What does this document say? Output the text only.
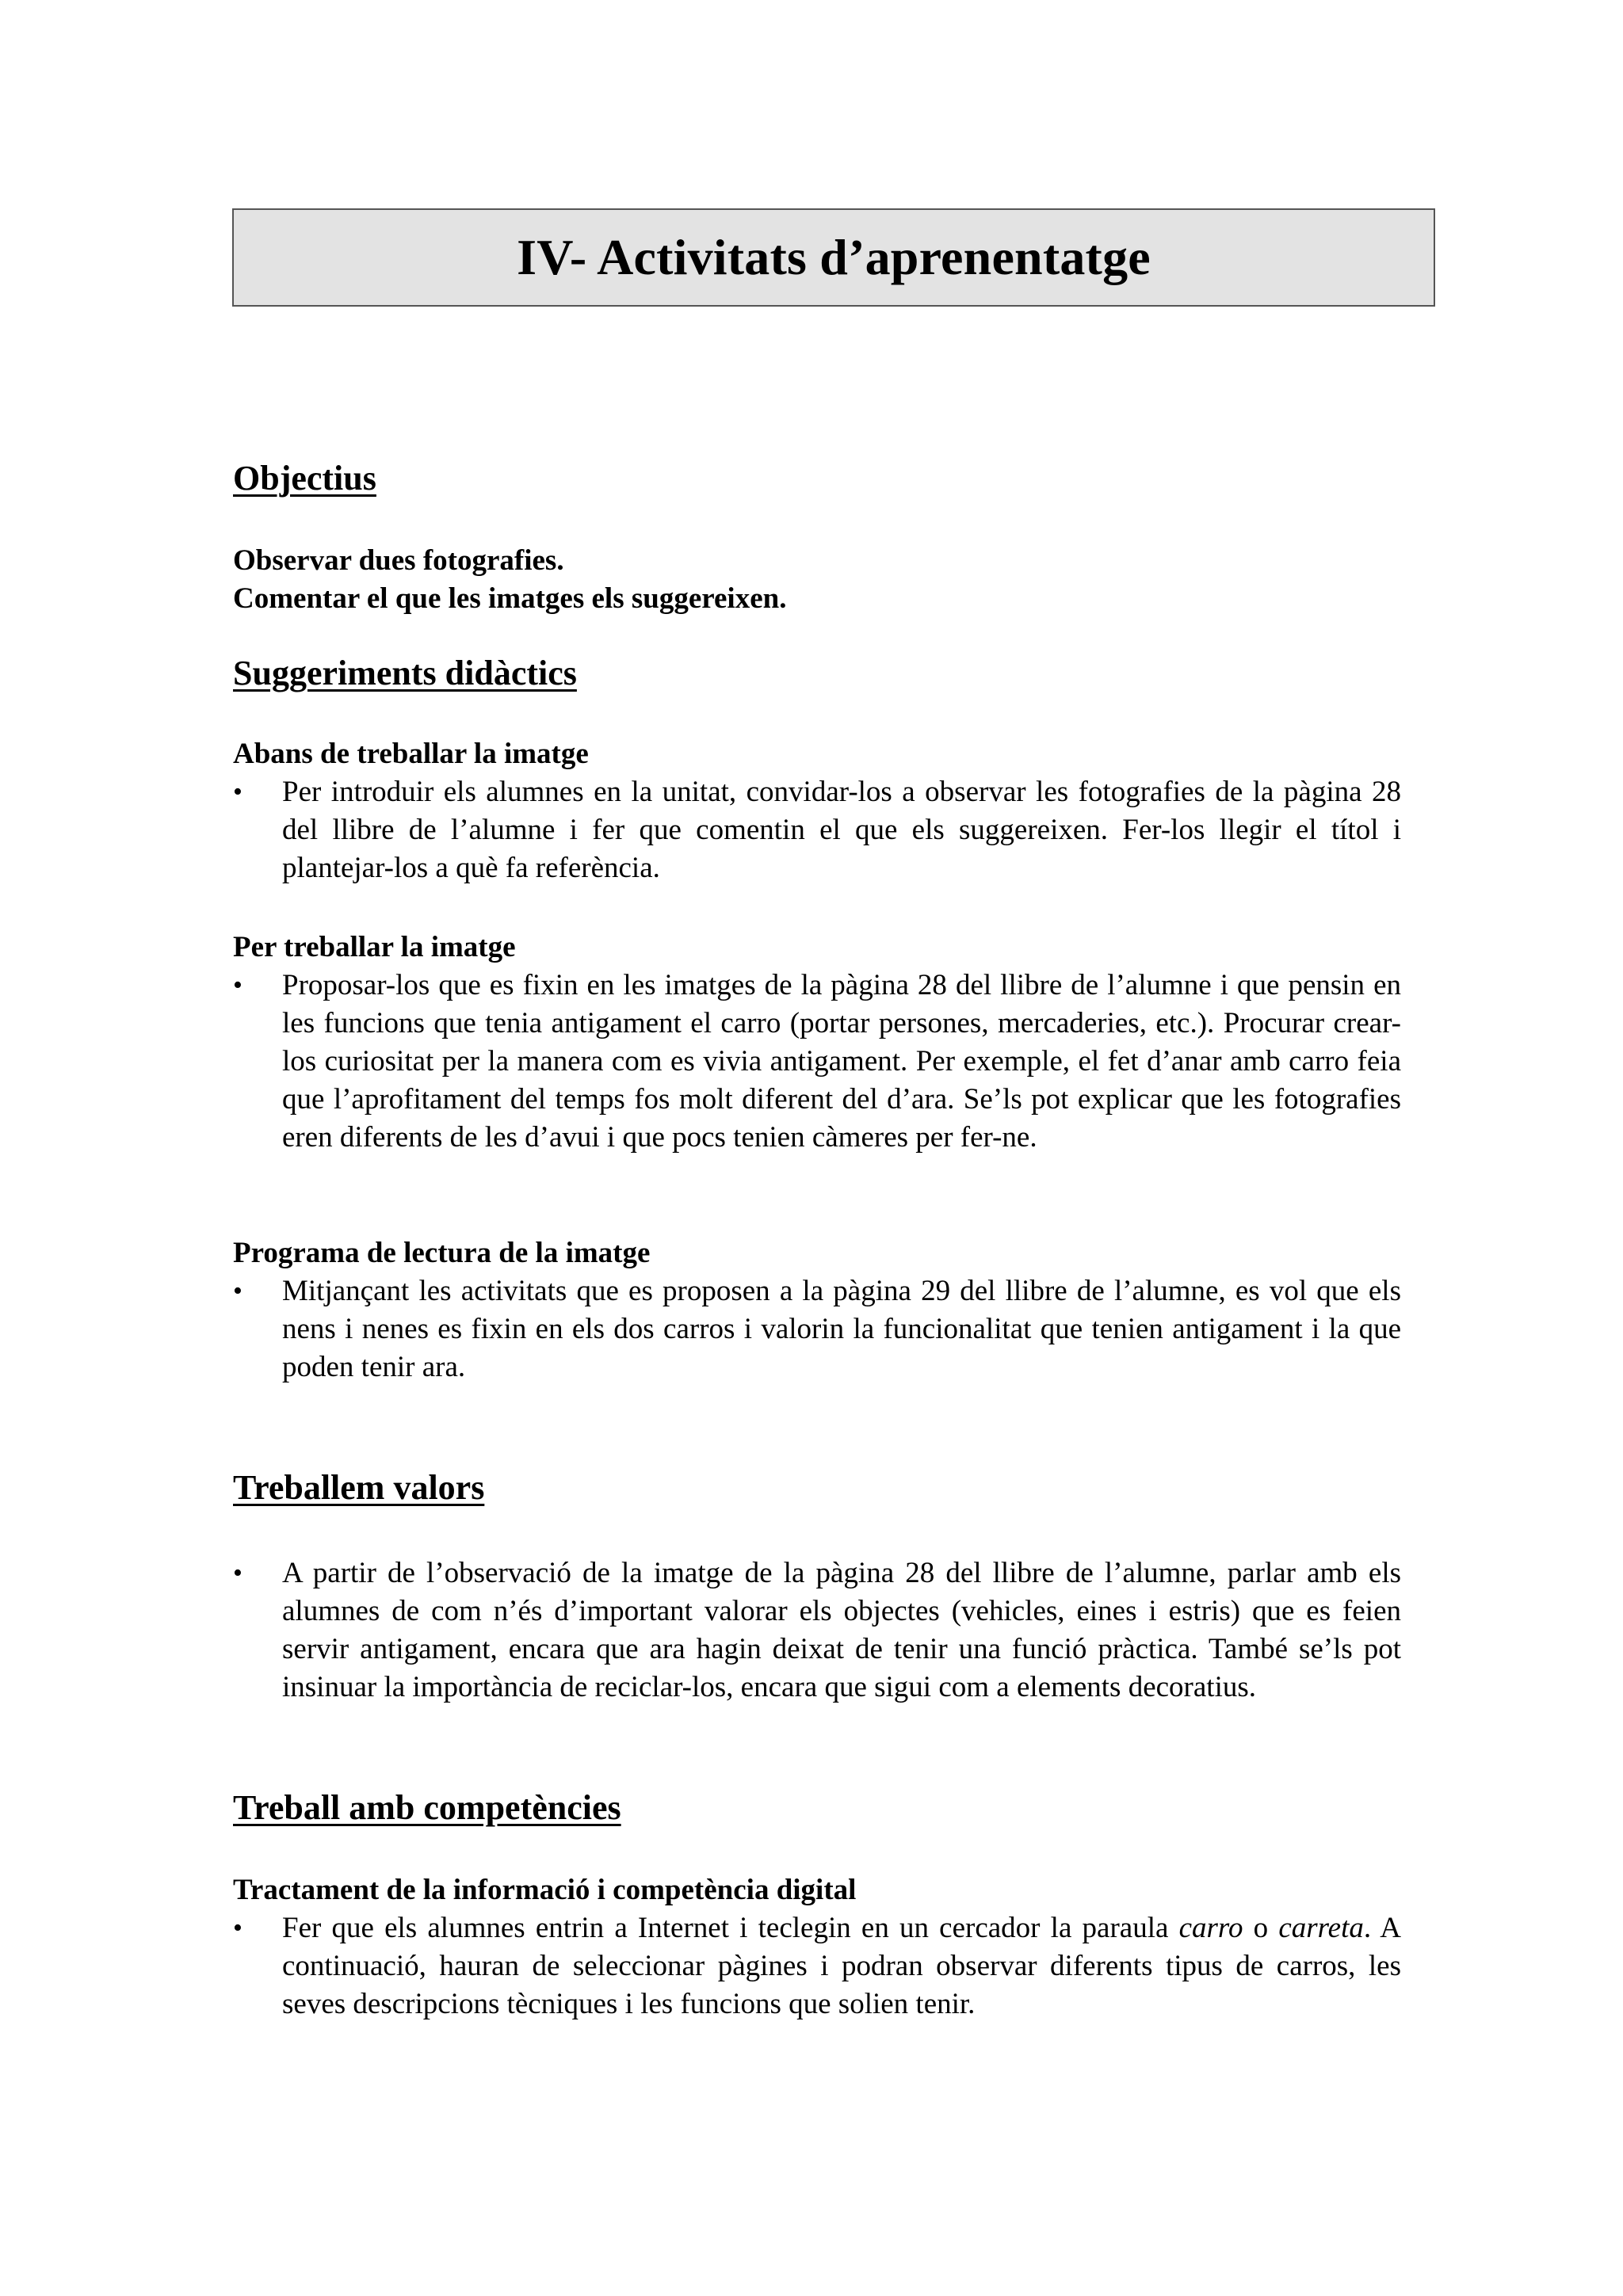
IV- Activitats d’aprenentatge
Objectius

Observar dues fotografies.

Comentar el que les imatges els suggereixen.

Suggeriments didàctics

Abans de treballar la imatge

• Per introduir els alumnes en la unitat, convidar-los a observar les fotografies de la pàgina 28 del llibre de l’alumne i fer que comentin el que els suggereixen. Fer-los llegir el títol i plantejar-los a què fa referència.

Per treballar la imatge

• Proposar-los que es fixin en les imatges de la pàgina 28 del llibre de l’alumne i que pensin en les funcions que tenia antigament el carro (portar persones, mercaderies, etc.). Procurar crear-los curiositat per la manera com es vivia antigament. Per exemple, el fet d’anar amb carro feia que l’aprofitament del temps fos molt diferent del d’ara. Se’ls pot explicar que les fotografies eren diferents de les d’avui i que pocs tenien càmeres per fer-ne.

Programa de lectura de la imatge

• Mitjançant les activitats que es proposen a la pàgina 29 del llibre de l’alumne, es vol que els nens i nenes es fixin en els dos carros i valorin la funcionalitat que tenien antigament i la que poden tenir ara.
Treballem valors
• A partir de l’observació de la imatge de la pàgina 28 del llibre de l’alumne, parlar amb els alumnes de com n’és d’important valorar els objectes (vehicles, eines i estris) que es feien servir antigament, encara que ara hagin deixat de tenir una funció pràctica. També se’ls pot insinuar la importància de reciclar-los, encara que sigui com a elements decoratius.
Treball amb competències

Tractament de la informació i competència digital

• Fer que els alumnes entrin a Internet i teclegin en un cercador la paraula carro o carreta. A continuació, hauran de seleccionar pàgines i podran observar diferents tipus de carros, les seves descripcions tècniques i les funcions que solien tenir.
